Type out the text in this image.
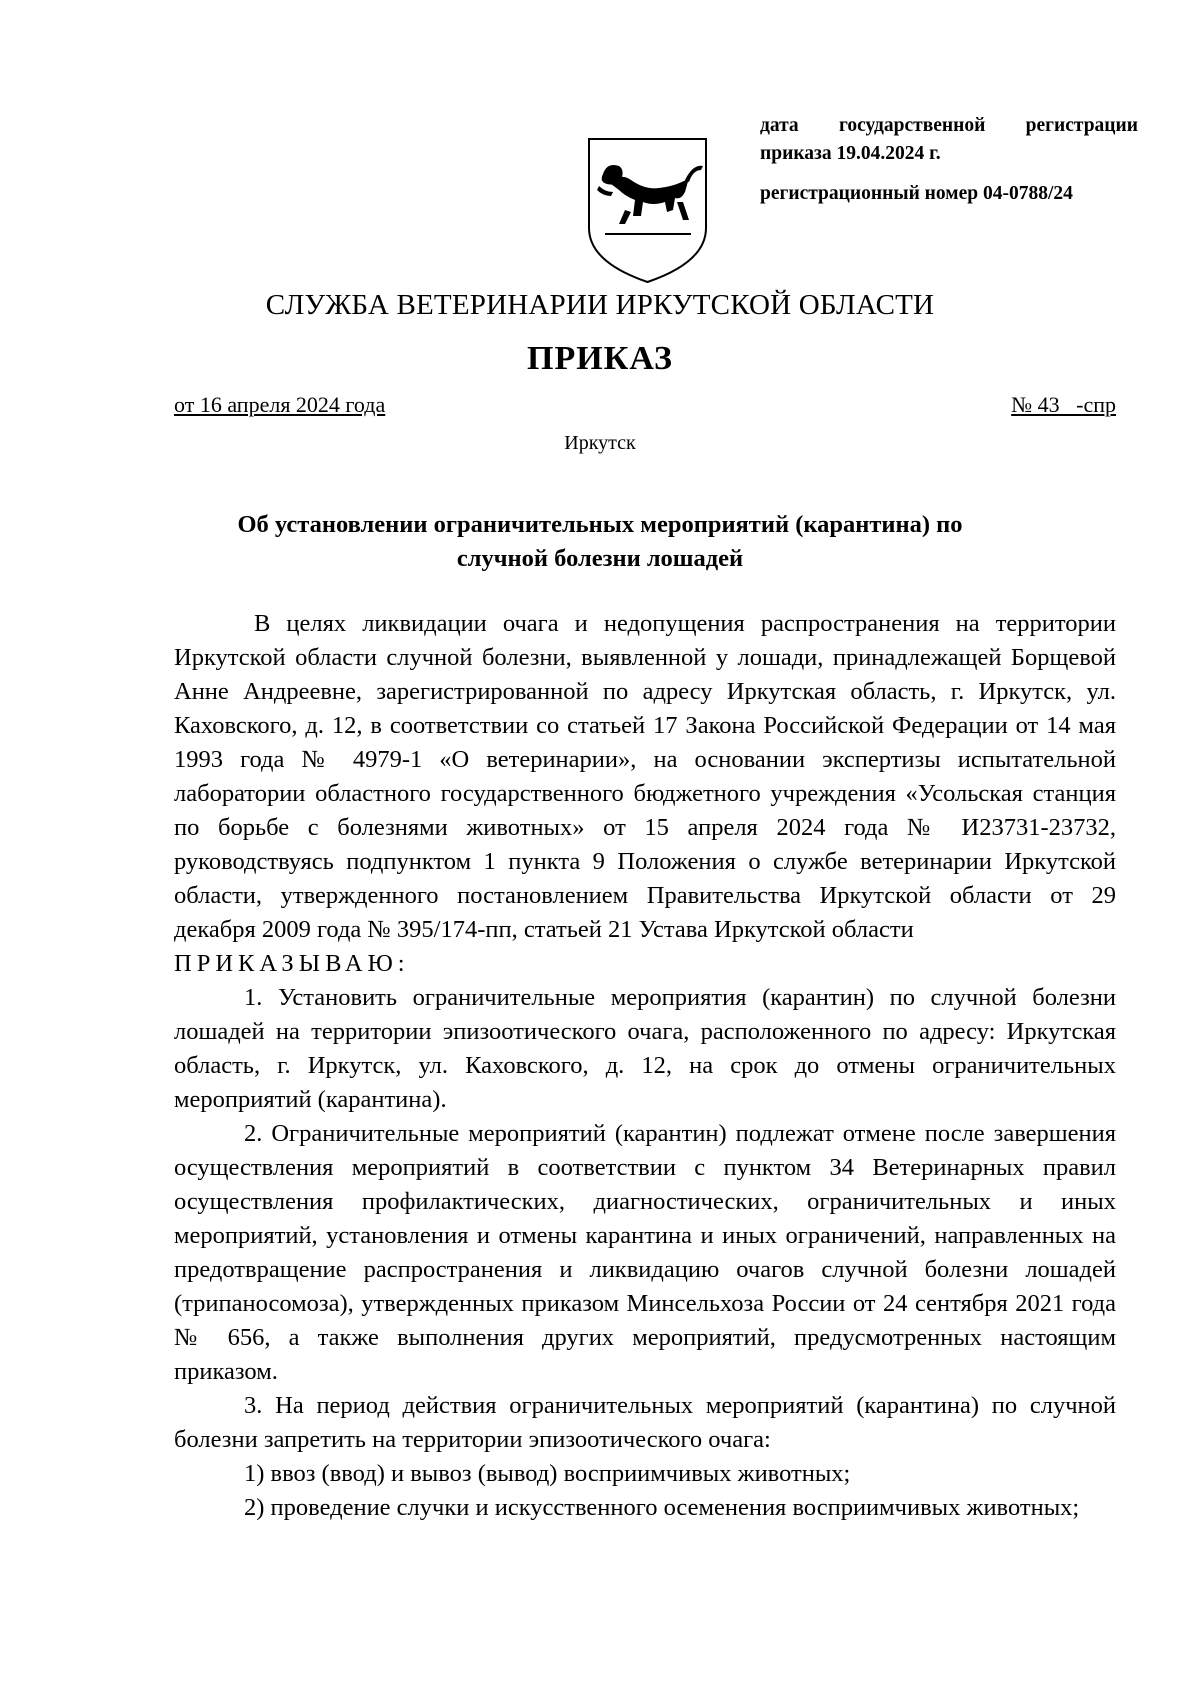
дата государственной регистрации
приказа 19.04.2024 г.
регистрационный номер 04-0788/24
СЛУЖБА ВЕТЕРИНАРИИ ИРКУТСКОЙ ОБЛАСТИ
ПРИКАЗ
от 16 апреля 2024 года	№ 43   -спр
Иркутск
Об установлении ограничительных мероприятий (карантина) по случной болезни лошадей

В целях ликвидации очага и недопущения распространения на территории Иркутской области случной болезни, выявленной у лошади, принадлежащей Борщевой Анне Андреевне, зарегистрированной по адресу Иркутская область, г. Иркутск, ул. Каховского, д. 12, в соответствии со статьей 17 Закона Российской Федерации от 14 мая 1993 года № 4979-1 «О ветеринарии», на основании экспертизы испытательной лаборатории областного государственного бюджетного учреждения «Усольская станция по борьбе с болезнями животных» от 15 апреля 2024 года № И23731-23732, руководствуясь подпунктом 1 пункта 9 Положения о службе ветеринарии Иркутской области, утвержденного постановлением Правительства Иркутской области от 29 декабря 2009 года № 395/174-пп, статьей 21 Устава Иркутской области

ПРИКАЗЫВАЮ:

1. Установить ограничительные мероприятия (карантин) по случной болезни лошадей на территории эпизоотического очага, расположенного по адресу: Иркутская область, г. Иркутск, ул. Каховского, д. 12, на срок до отмены ограничительных мероприятий (карантина).

2. Ограничительные мероприятий (карантин) подлежат отмене после завершения осуществления мероприятий в соответствии с пунктом 34 Ветеринарных правил осуществления профилактических, диагностических, ограничительных и иных мероприятий, установления и отмены карантина и иных ограничений, направленных на предотвращение распространения и ликвидацию очагов случной болезни лошадей (трипаносомоза), утвержденных приказом Минсельхоза России от 24 сентября 2021 года № 656, а также выполнения других мероприятий, предусмотренных настоящим приказом.

3. На период действия ограничительных мероприятий (карантина) по случной болезни запретить на территории эпизоотического очага:

1) ввоз (ввод) и вывоз (вывод) восприимчивых животных;

2) проведение случки и искусственного осеменения восприимчивых животных;
